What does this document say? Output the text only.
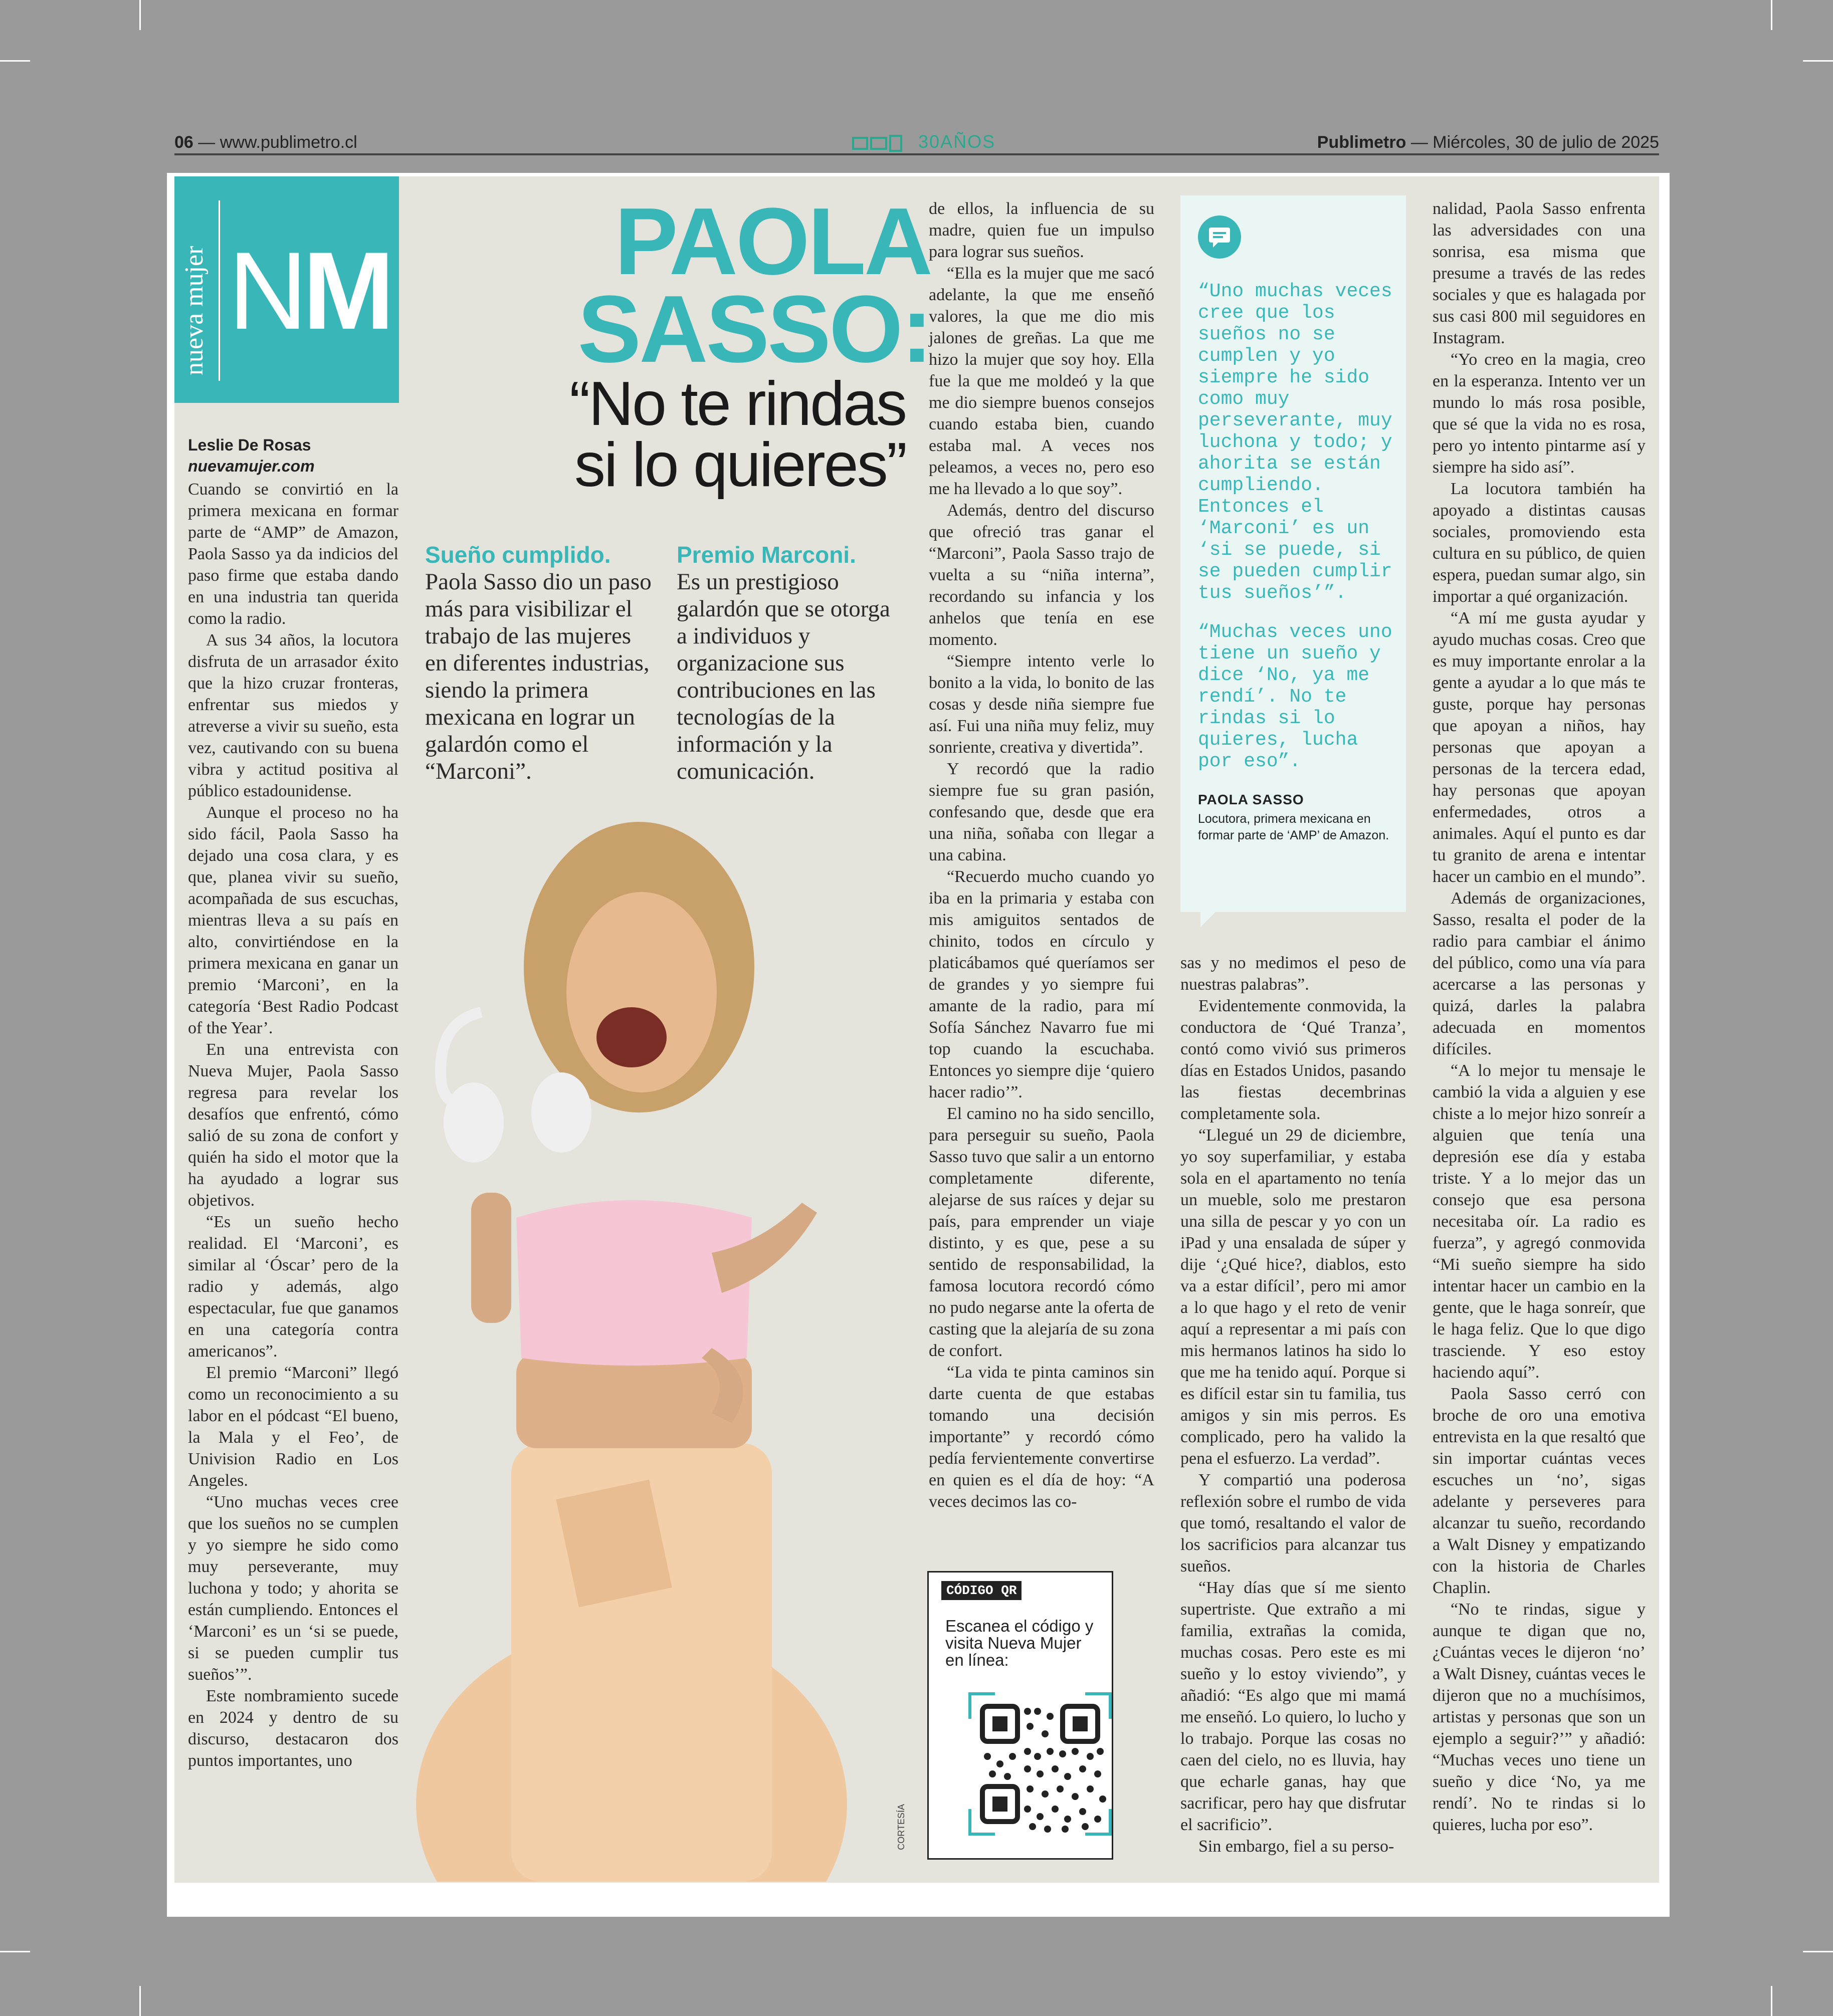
06 — www.publimetro.cl	30AÑOS	Publimetro — Miércoles, 30 de julio de 2025
nueva mujer NM
Leslie De Rosas
nuevamujer.com
PAOLA
SASSO:
“No te rindas
si lo quieres”
Sueño cumplido.
Paola Sasso dio un paso más para visibilizar el trabajo de las mujeres en diferentes industrias, siendo la primera mexicana en lograr un galardón como el “Marconi”.
Premio Marconi.
Es un prestigioso galardón que se otorga a individuos y organizacione sus contribuciones en las tecnologías de la información y la comunicación.
CORTESÍA

Cuando se convirtió en la primera mexicana en formar parte de “AMP” de Amazon, Paola Sasso ya da indicios del paso firme que estaba dando en una industria tan querida como la radio.

A sus 34 años, la locutora disfruta de un arrasador éxito que la hizo cruzar fronteras, enfrentar sus miedos y atreverse a vivir su sueño, esta vez, cautivando con su buena vibra y actitud positiva al público estadounidense.

Aunque el proceso no ha sido fácil, Paola Sasso ha dejado una cosa clara, y es que, planea vivir su sueño, acompañada de sus escuchas, mientras lleva a su país en alto, convirtiéndose en la primera mexicana en ganar un premio ‘Marconi’, en la categoría ‘Best Radio Podcast of the Year’.

En una entrevista con Nueva Mujer, Paola Sasso regresa para revelar los desafíos que enfrentó, cómo salió de su zona de confort y quién ha sido el motor que la ha ayudado a lograr sus objetivos.

“Es un sueño hecho realidad. El ‘Marconi’, es similar al ‘Óscar’ pero de la radio y además, algo espectacular, fue que ganamos en una categoría contra americanos”.

El premio “Marconi” llegó como un reconocimiento a su labor en el pódcast “El bueno, la Mala y el Feo’, de Univision Radio en Los Angeles.

“Uno muchas veces cree que los sueños no se cumplen y yo siempre he sido como muy perseverante, muy luchona y todo; y ahorita se están cumpliendo. Entonces el ‘Marconi’ es un ‘si se puede, si se pueden cumplir tus sueños’”.

Este nombramiento sucede en 2024 y dentro de su discurso, destacaron dos puntos importantes, uno

de ellos, la influencia de su madre, quien fue un impulso para lograr sus sueños.

“Ella es la mujer que me sacó adelante, la que me enseñó valores, la que me dio mis jalones de greñas. La que me hizo la mujer que soy hoy. Ella fue la que me moldeó y la que me dio siempre buenos consejos cuando estaba bien, cuando estaba mal. A veces nos peleamos, a veces no, pero eso me ha llevado a lo que soy”.

Además, dentro del discurso que ofreció tras ganar el “Marconi”, Paola Sasso trajo de vuelta a su “niña interna”, recordando su infancia y los anhelos que tenía en ese momento.

“Siempre intento verle lo bonito a la vida, lo bonito de las cosas y desde niña siempre fue así. Fui una niña muy feliz, muy sonriente, creativa y divertida”.

Y recordó que la radio siempre fue su gran pasión, confesando que, desde que era una niña, soñaba con llegar a una cabina.

“Recuerdo mucho cuando yo iba en la primaria y estaba con mis amiguitos sentados de chinito, todos en círculo y platicábamos qué queríamos ser de grandes y yo siempre fui amante de la radio, para mí Sofía Sánchez Navarro fue mi top cuando la escuchaba. Entonces yo siempre dije ‘quiero hacer radio’”.

El camino no ha sido sencillo, para perseguir su sueño, Paola Sasso tuvo que salir a un entorno completamente diferente, alejarse de sus raíces y dejar su país, para emprender un viaje distinto, y es que, pese a su sentido de responsabilidad, la famosa locutora recordó cómo no pudo negarse ante la oferta de casting que la alejaría de su zona de confort.

“La vida te pinta caminos sin darte cuenta de que estabas tomando una decisión importante” y recordó cómo pedía fervientemente convertirse en quien es el día de hoy: “A veces decimos las co-

“Uno muchas veces cree que los sueños no se cumplen y yo siempre he sido como muy perseverante, muy luchona y todo; y ahorita se están cumpliendo. Entonces el ‘Marconi’ es un ‘si se puede, si se pueden cumplir tus sueños’”.
“Muchas veces uno tiene un sueño y dice ‘No, ya me rendí’. No te rindas si lo quieres, lucha por eso”.
PAOLA SASSO
Locutora, primera mexicana en formar parte de ‘AMP’ de Amazon.

sas y no medimos el peso de nuestras palabras”.

Evidentemente conmovida, la conductora de ‘Qué Tranza’, contó como vivió sus primeros días en Estados Unidos, pasando las fiestas decembrinas completamente sola.

“Llegué un 29 de diciembre, yo soy superfamiliar, y estaba sola en el apartamento no tenía un mueble, solo me prestaron una silla de pescar y yo con un iPad y una ensalada de súper y dije ‘¿Qué hice?, diablos, esto va a estar difícil’, pero mi amor a lo que hago y el reto de venir aquí a representar a mi país con mis hermanos latinos ha sido lo que me ha tenido aquí. Porque si es difícil estar sin tu familia, tus amigos y sin mis perros. Es complicado, pero ha valido la pena el esfuerzo. La verdad”.

Y compartió una poderosa reflexión sobre el rumbo de vida que tomó, resaltando el valor de los sacrificios para alcanzar tus sueños.

“Hay días que sí me siento supertriste. Que extraño a mi familia, extrañas la comida, muchas cosas. Pero este es mi sueño y lo estoy viviendo”, y añadió: “Es algo que mi mamá me enseñó. Lo quiero, lo lucho y lo trabajo. Porque las cosas no caen del cielo, no es lluvia, hay que echarle ganas, hay que sacrificar, pero hay que disfrutar el sacrificio”.

Sin embargo, fiel a su perso-

nalidad, Paola Sasso enfrenta las adversidades con una sonrisa, esa misma que presume a través de las redes sociales y que es halagada por sus casi 800 mil seguidores en Instagram.

“Yo creo en la magia, creo en la esperanza. Intento ver un mundo lo más rosa posible, que sé que la vida no es rosa, pero yo intento pintarme así y siempre ha sido así”.

La locutora también ha apoyado a distintas causas sociales, promoviendo esta cultura en su público, de quien espera, puedan sumar algo, sin importar a qué organización.

“A mí me gusta ayudar y ayudo muchas cosas. Creo que es muy importante enrolar a la gente a ayudar a lo que más te guste, porque hay personas que apoyan a niños, hay personas que apoyan a personas de la tercera edad, hay personas que apoyan enfermedades, otros a animales. Aquí el punto es dar tu granito de arena e intentar hacer un cambio en el mundo”.

Además de organizaciones, Sasso, resalta el poder de la radio para cambiar el ánimo del público, como una vía para acercarse a las personas y quizá, darles la palabra adecuada en momentos difíciles.

“A lo mejor tu mensaje le cambió la vida a alguien y ese chiste a lo mejor hizo sonreír a alguien que tenía una depresión ese día y estaba triste. Y a lo mejor das un consejo que esa persona necesitaba oír. La radio es fuerza”, y agregó conmovida “Mi sueño siempre ha sido intentar hacer un cambio en la gente, que le haga sonreír, que le haga feliz. Que lo que digo trasciende. Y eso estoy haciendo aquí”.

Paola Sasso cerró con broche de oro una emotiva entrevista en la que resaltó que sin importar cuántas veces escuches un ‘no’, sigas adelante y perseveres para alcanzar tu sueño, recordando a Walt Disney y empatizando con la historia de Charles Chaplin.

“No te rindas, sigue y aunque te digan que no, ¿Cuántas veces le dijeron ‘no’ a Walt Disney, cuántas veces le dijeron que no a muchísimos, artistas y personas que son un ejemplo a seguir?’” y añadió: “Muchas veces uno tiene un sueño y dice ‘No, ya me rendí’. No te rindas si lo quieres, lucha por eso”.

CÓDIGO QR
Escanea el código y visita Nueva Mujer en línea:
